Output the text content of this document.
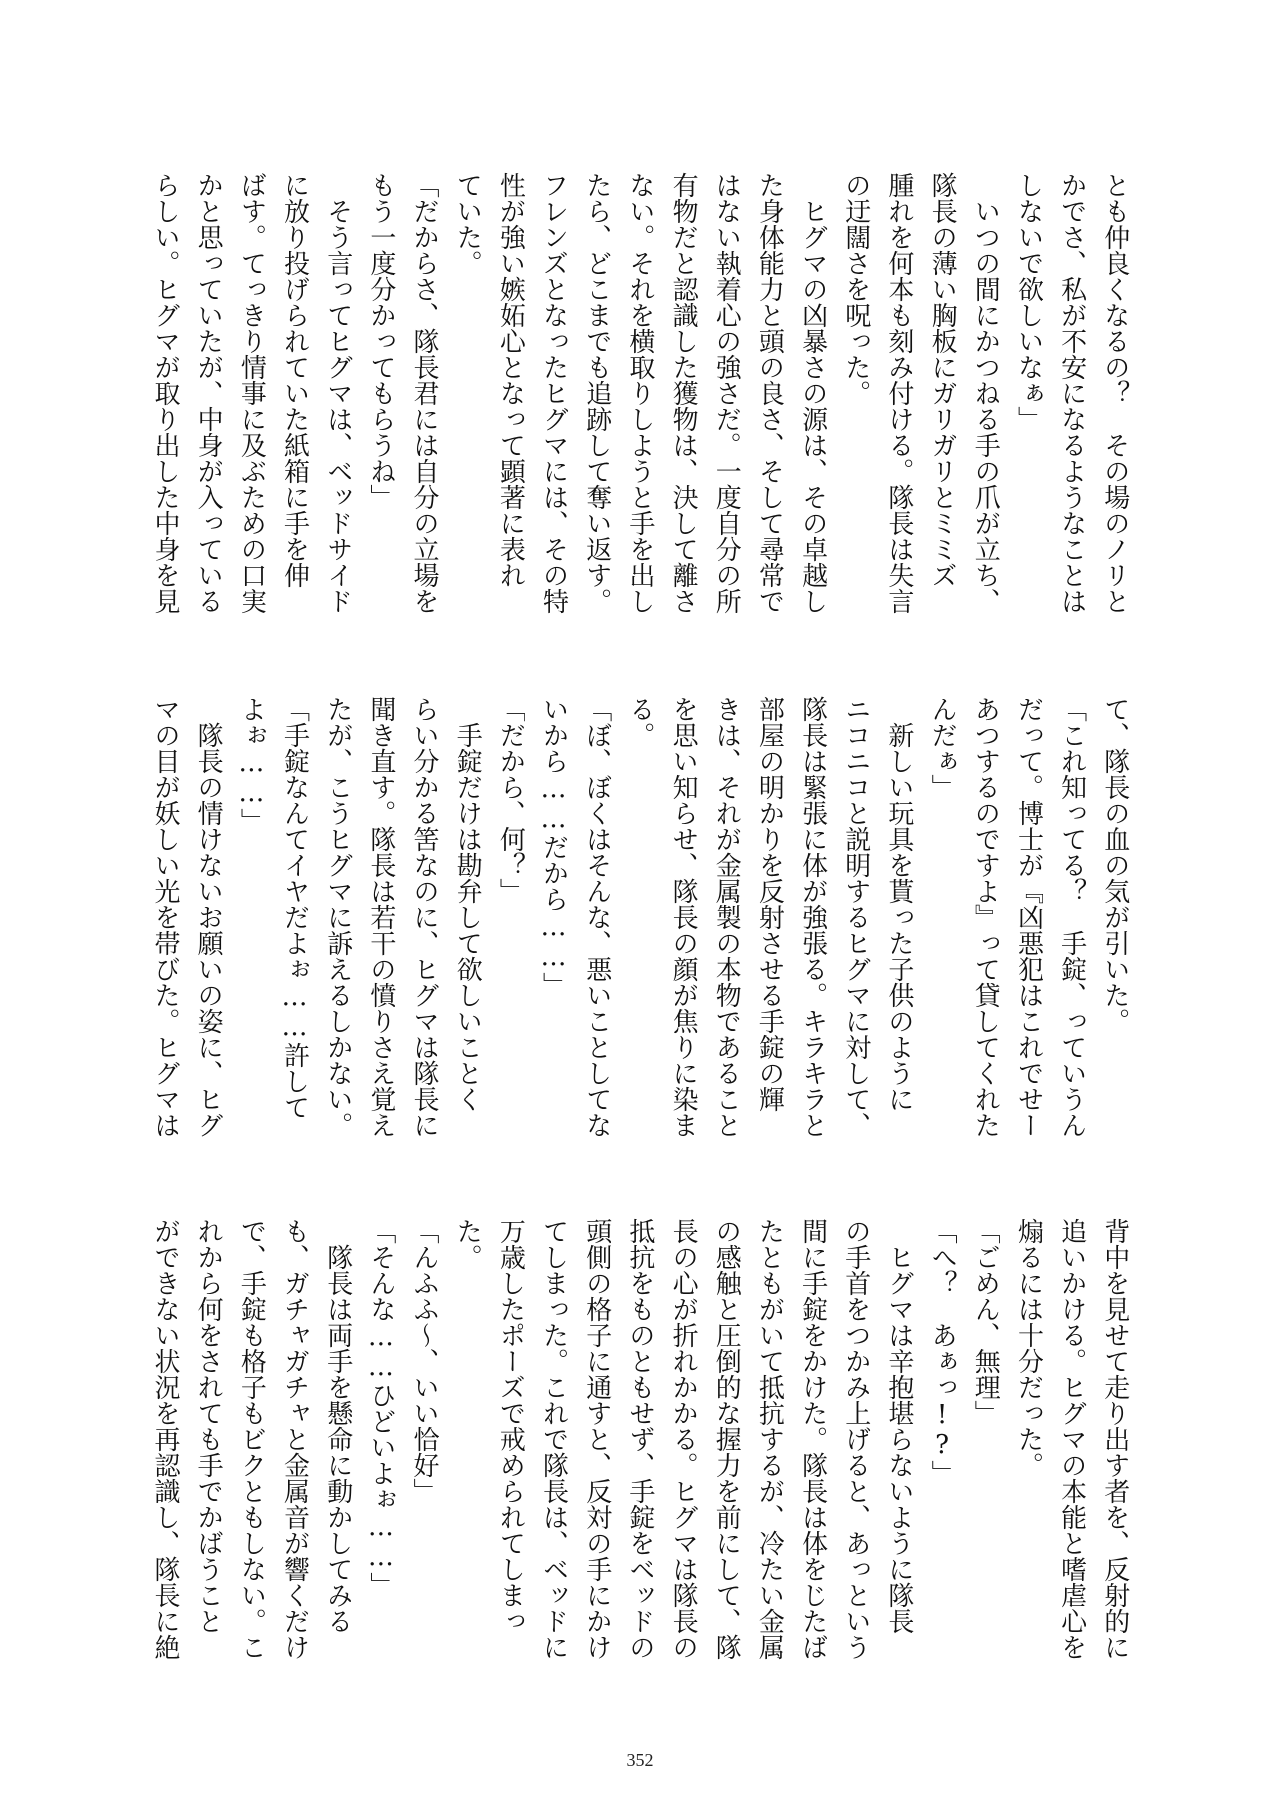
とも仲良くなるの？　その場のノリと
かでさ、私が不安になるようなことは
しないで欲しいなぁ」
　いつの間にかつねる手の爪が立ち、
隊長の薄い胸板にガリガリとミミズ
腫れを何本も刻み付ける。隊長は失言
の迂闊さを呪った。
　ヒグマの凶暴さの源は、その卓越し
た身体能力と頭の良さ、そして尋常で
はない執着心の強さだ。一度自分の所
有物だと認識した獲物は、決して離さ
ない。それを横取りしようと手を出し
たら、どこまでも追跡して奪い返す。
フレンズとなったヒグマには、その特
性が強い嫉妬心となって顕著に表れ
ていた。
「だからさ、隊長君には自分の立場を
もう一度分かってもらうね」
　そう言ってヒグマは、ベッドサイド
に放り投げられていた紙箱に手を伸
ばす。てっきり情事に及ぶための口実
かと思っていたが、中身が入っている
らしい。ヒグマが取り出した中身を見
て、隊長の血の気が引いた。
「これ知ってる？　手錠、っていうん
だって。博士が『凶悪犯はこれでせー
あつするのですよ』って貸してくれた
んだぁ」
　新しい玩具を貰った子供のように
ニコニコと説明するヒグマに対して、
隊長は緊張に体が強張る。キラキラと
部屋の明かりを反射させる手錠の輝
きは、それが金属製の本物であること
を思い知らせ、隊長の顔が焦りに染ま
る。
「ぼ、ぼくはそんな、悪いことしてな
いから……だから……」
「だから、何？」
　手錠だけは勘弁して欲しいことく
らい分かる筈なのに、ヒグマは隊長に
聞き直す。隊長は若干の憤りさえ覚え
たが、こうヒグマに訴えるしかない。
「手錠なんてイヤだよぉ……許して
よぉ……」
　隊長の情けないお願いの姿に、ヒグ
マの目が妖しい光を帯びた。ヒグマは
背中を見せて走り出す者を、反射的に
追いかける。ヒグマの本能と嗜虐心を
煽るには十分だった。
「ごめん、無理」
「へ？　あぁっ!?」
　ヒグマは辛抱堪らないように隊長
の手首をつかみ上げると、あっという
間に手錠をかけた。隊長は体をじたば
たともがいて抵抗するが、冷たい金属
の感触と圧倒的な握力を前にして、隊
長の心が折れかかる。ヒグマは隊長の
抵抗をものともせず、手錠をベッドの
頭側の格子に通すと、反対の手にかけ
てしまった。これで隊長は、ベッドに
万歳したポーズで戒められてしまっ
た。
「んふふ～、いい恰好」
「そんな……ひどいよぉ……」
　隊長は両手を懸命に動かしてみる
も、ガチャガチャと金属音が響くだけ
で、手錠も格子もビクともしない。こ
れから何をされても手でかばうこと
ができない状況を再認識し、隊長に絶
352
